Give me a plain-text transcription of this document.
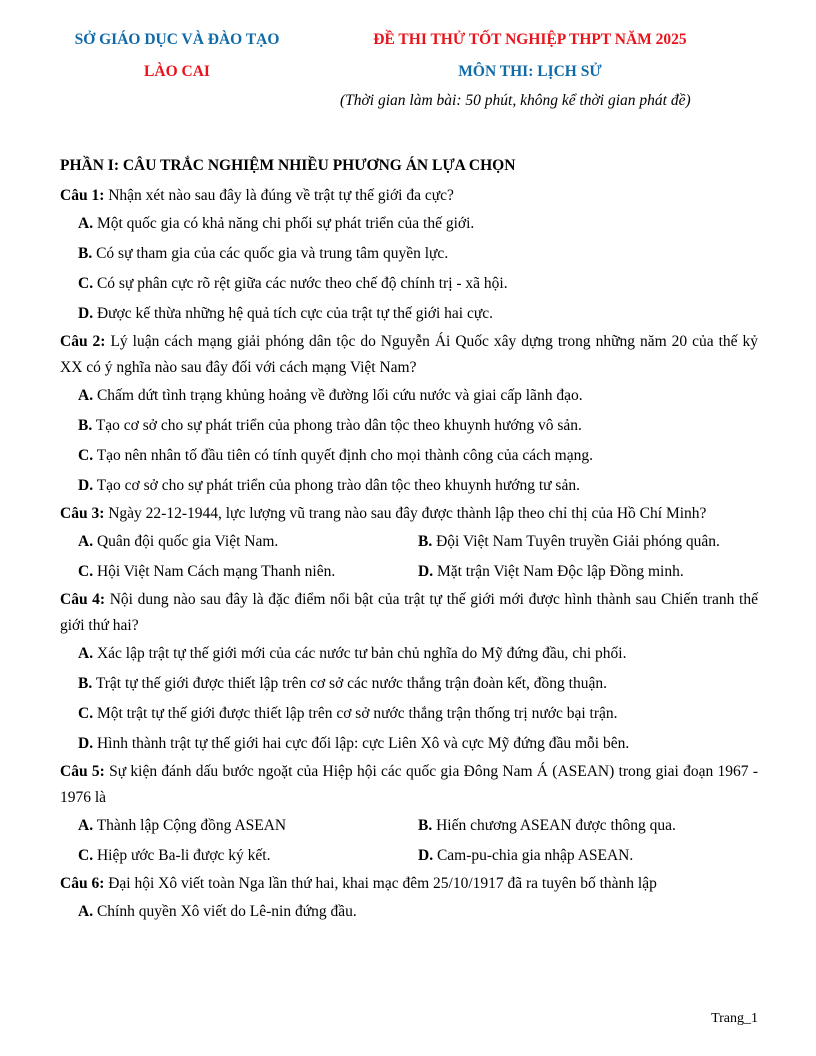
SỞ GIÁO DỤC VÀ ĐÀO TẠO	ĐỀ THI THỬ TỐT NGHIỆP THPT NĂM 2025
LÀO CAI	MÔN THI: LỊCH SỬ
(Thời gian làm bài: 50 phút, không kể thời gian phát đề)
PHẦN I: CÂU TRẮC NGHIỆM NHIỀU PHƯƠNG ÁN LỰA CHỌN

Câu 1: Nhận xét nào sau đây là đúng về trật tự thế giới đa cực?

A. Một quốc gia có khả năng chi phối sự phát triển của thế giới.
B. Có sự tham gia của các quốc gia và trung tâm quyền lực.
C. Có sự phân cực rõ rệt giữa các nước theo chế độ chính trị - xã hội.
D. Được kế thừa những hệ quả tích cực của trật tự thế giới hai cực.

Câu 2: Lý luận cách mạng giải phóng dân tộc do Nguyễn Ái Quốc xây dựng trong những năm 20 của thế kỷ XX có ý nghĩa nào sau đây đối với cách mạng Việt Nam?

A. Chấm dứt tình trạng khủng hoảng về đường lối cứu nước và giai cấp lãnh đạo.
B. Tạo cơ sở cho sự phát triển của phong trào dân tộc theo khuynh hướng vô sản.
C. Tạo nên nhân tố đầu tiên có tính quyết định cho mọi thành công của cách mạng.
D. Tạo cơ sở cho sự phát triển của phong trào dân tộc theo khuynh hướng tư sản.

Câu 3: Ngày 22-12-1944, lực lượng vũ trang nào sau đây được thành lập theo chỉ thị của Hồ Chí Minh?

A. Quân đội quốc gia Việt Nam.	B. Đội Việt Nam Tuyên truyền Giải phóng quân.
C. Hội Việt Nam Cách mạng Thanh niên.	D. Mặt trận Việt Nam Độc lập Đồng minh.

Câu 4: Nội dung nào sau đây là đặc điểm nổi bật của trật tự thế giới mới được hình thành sau Chiến tranh thế giới thứ hai?

A. Xác lập trật tự thế giới mới của các nước tư bản chủ nghĩa do Mỹ đứng đầu, chi phối.
B. Trật tự thế giới được thiết lập trên cơ sở các nước thắng trận đoàn kết, đồng thuận.
C. Một trật tự thế giới được thiết lập trên cơ sở nước thắng trận thống trị nước bại trận.
D. Hình thành trật tự thế giới hai cực đối lập: cực Liên Xô và cực Mỹ đứng đầu mỗi bên.

Câu 5: Sự kiện đánh dấu bước ngoặt của Hiệp hội các quốc gia Đông Nam Á (ASEAN) trong giai đoạn 1967 - 1976 là

A. Thành lập Cộng đồng ASEAN	B. Hiến chương ASEAN được thông qua.
C. Hiệp ước Ba-li được ký kết.	D. Cam-pu-chia gia nhập ASEAN.

Câu 6: Đại hội Xô viết toàn Nga lần thứ hai, khai mạc đêm 25/10/1917 đã ra tuyên bố thành lập

A. Chính quyền Xô viết do Lê-nin đứng đầu.
Trang_1
